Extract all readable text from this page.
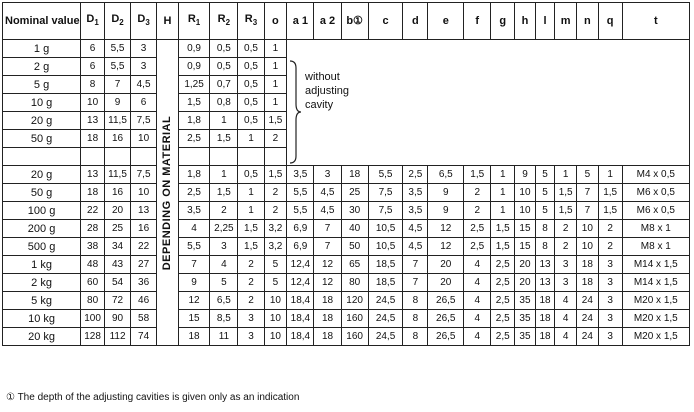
Nominal value	$D_1$	$D_2$	$D_3$	H	$R_1$	$R_2$	$R_3$	o	a 1	a 2	b①	c	d	e	f	g	h	l	m	n	q	t
1 g	6	5,5	3	DEPENDING ON MATERIAL	0,9	0,5	0,5	1														
2 g	6	5,5	3		0,9	0,5	0,5	1														
5 g	8	7	4,5		1,25	0,7	0,5	1														
10 g	10	9	6		1,5	0,8	0,5	1														
20 g	13	11,5	7,5		1,8	1	0,5	1,5														
50 g	18	16	10		2,5	1,5	1	2														

20 g	13	11,5	7,5		1,8	1	0,5	1,5	3,5	3	18	5,5	2,5	6,5	1,5	1	9	5	1	5	1	M4 x 0,5
50 g	18	16	10		2,5	1,5	1	2	5,5	4,5	25	7,5	3,5	9	2	1	10	5	1,5	7	1,5	M6 x 0,5
100 g	22	20	13		3,5	2	1	2	5,5	4,5	30	7,5	3,5	9	2	1	10	5	1,5	7	1,5	M6 x 0,5
200 g	28	25	16		4	2,25	1,5	3,2	6,9	7	40	10,5	4,5	12	2,5	1,5	15	8	2	10	2	M8 x 1
500 g	38	34	22		5,5	3	1,5	3,2	6,9	7	50	10,5	4,5	12	2,5	1,5	15	8	2	10	2	M8 x 1
1 kg	48	43	27		7	4	2	5	12,4	12	65	18,5	7	20	4	2,5	20	13	3	18	3	M14 x 1,5
2 kg	60	54	36		9	5	2	5	12,4	12	80	18,5	7	20	4	2,5	20	13	3	18	3	M14 x 1,5
5 kg	80	72	46		12	6,5	2	10	18,4	18	120	24,5	8	26,5	4	2,5	35	18	4	24	3	M20 x 1,5
10 kg	100	90	58		15	8,5	3	10	18,4	18	160	24,5	8	26,5	4	2,5	35	18	4	24	3	M20 x 1,5
20 kg	128	112	74		18	11	3	10	18,4	18	160	24,5	8	26,5	4	2,5	35	18	4	24	3	M20 x 1,5
without adjusting cavity
① The depth of the adjusting cavities is given only as an indication
